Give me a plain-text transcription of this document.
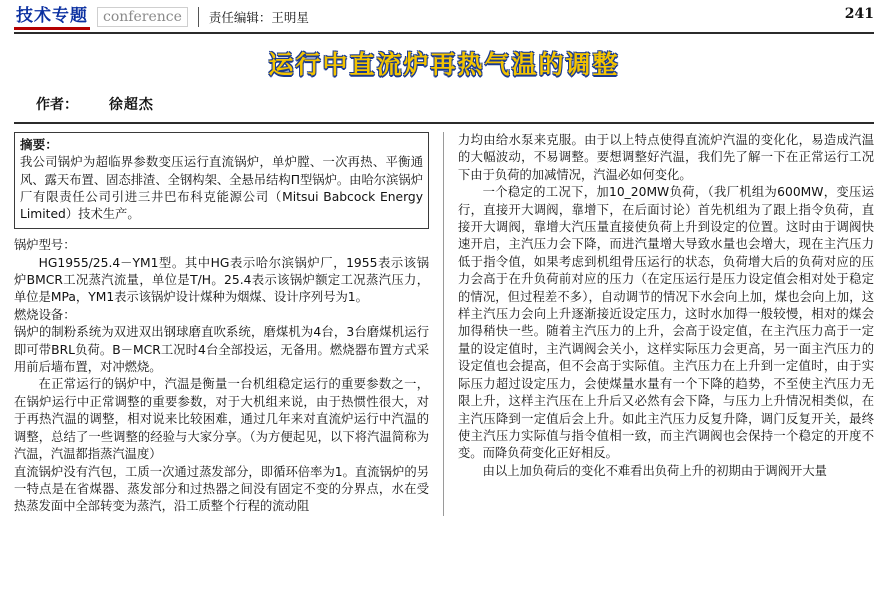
技术专题	conference	责任编辑：王明星	241
运行中直流炉再热气温的调整
作者： 徐超杰
摘要：
我公司锅炉为超临界参数变压运行直流锅炉，单炉膛、一次再热、平衡通风、露天布置、固态排渣、全钢构架、全悬吊结构Π型锅炉。由哈尔滨锅炉厂有限责任公司引进三井巴布科克能源公司（Mitsui Babcock Energy Limited）技术生产。

锅炉型号：

HG1955/25.4－YM1型。其中HG表示哈尔滨锅炉厂，1955表示该锅炉BMCR工况蒸汽流量，单位是T/H。25.4表示该锅炉额定工况蒸汽压力，单位是MPa，YM1表示该锅炉设计煤种为烟煤、设计序列号为1。

燃烧设备：

锅炉的制粉系统为双进双出钢球磨直吹系统，磨煤机为4台，3台磨煤机运行即可带BRL负荷。B－MCR工况时4台全部投运，无备用。燃烧器布置方式采用前后墙布置，对冲燃烧。

在正常运行的锅炉中，汽温是衡量一台机组稳定运行的重要参数之一，在锅炉运行中正常调整的重要参数，对于大机组来说，由于热惯性很大，对于再热汽温的调整，相对说来比较困难，通过几年来对直流炉运行中汽温的调整，总结了一些调整的经验与大家分享。（为方便起见，以下将汽温简称为汽温，汽温都指蒸汽温度）

直流锅炉没有汽包，工质一次通过蒸发部分，即循环倍率为1。直流锅炉的另一特点是在省煤器、蒸发部分和过热器之间没有固定不变的分界点，水在受热蒸发面中全部转变为蒸汽，沿工质整个行程的流动阻

力均由给水泵来克服。由于以上特点使得直流炉汽温的变化化，易造成汽温的大幅波动，不易调整。要想调整好汽温，我们先了解一下在正常运行工况下由于负荷的加减情况，汽温必如何变化。

一个稳定的工况下，加10_20MW负荷，（我厂机组为600MW，变压运行，直接开大调阀，靠增下，在后面讨论）首先机组为了跟上指令负荷，直接开大调阀，靠增大汽压量直接使负荷上升到设定的位置。这时由于调阀快速开启，主汽压力会下降，而进汽量增大导致水量也会增大，现在主汽压力低于指令值，如果考虑到机组骨压运行的状态，负荷增大后的负荷对应的压力会高于在升负荷前对应的压力（在定压运行是压力设定值会相对处于稳定的情况，但过程差不多），自动调节的情况下水会向上加，煤也会向上加，这样主汽压力会向上升逐渐接近设定压力，这时水加得一般较慢，相对的煤会加得稍快一些。随着主汽压力的上升，会高于设定值，在主汽压力高于一定量的设定值时，主汽调阀会关小，这样实际压力会更高，另一面主汽压力的设定值也会提高，但不会高于实际值。主汽压力在上升到一定值时，由于实际压力超过设定压力，会使煤量水量有一个下降的趋势，不至使主汽压力无限上升，这样主汽压在上升后又必然有会下降，与压力上升情况相类似，在主汽压降到一定值后会上升。如此主汽压力反复升降，调门反复开关，最终使主汽压力实际值与指令值相一致，而主汽调阀也会保持一个稳定的开度不变。而降负荷变化正好相反。

由以上加负荷后的变化不难看出负荷上升的初期由于调阀开大量
